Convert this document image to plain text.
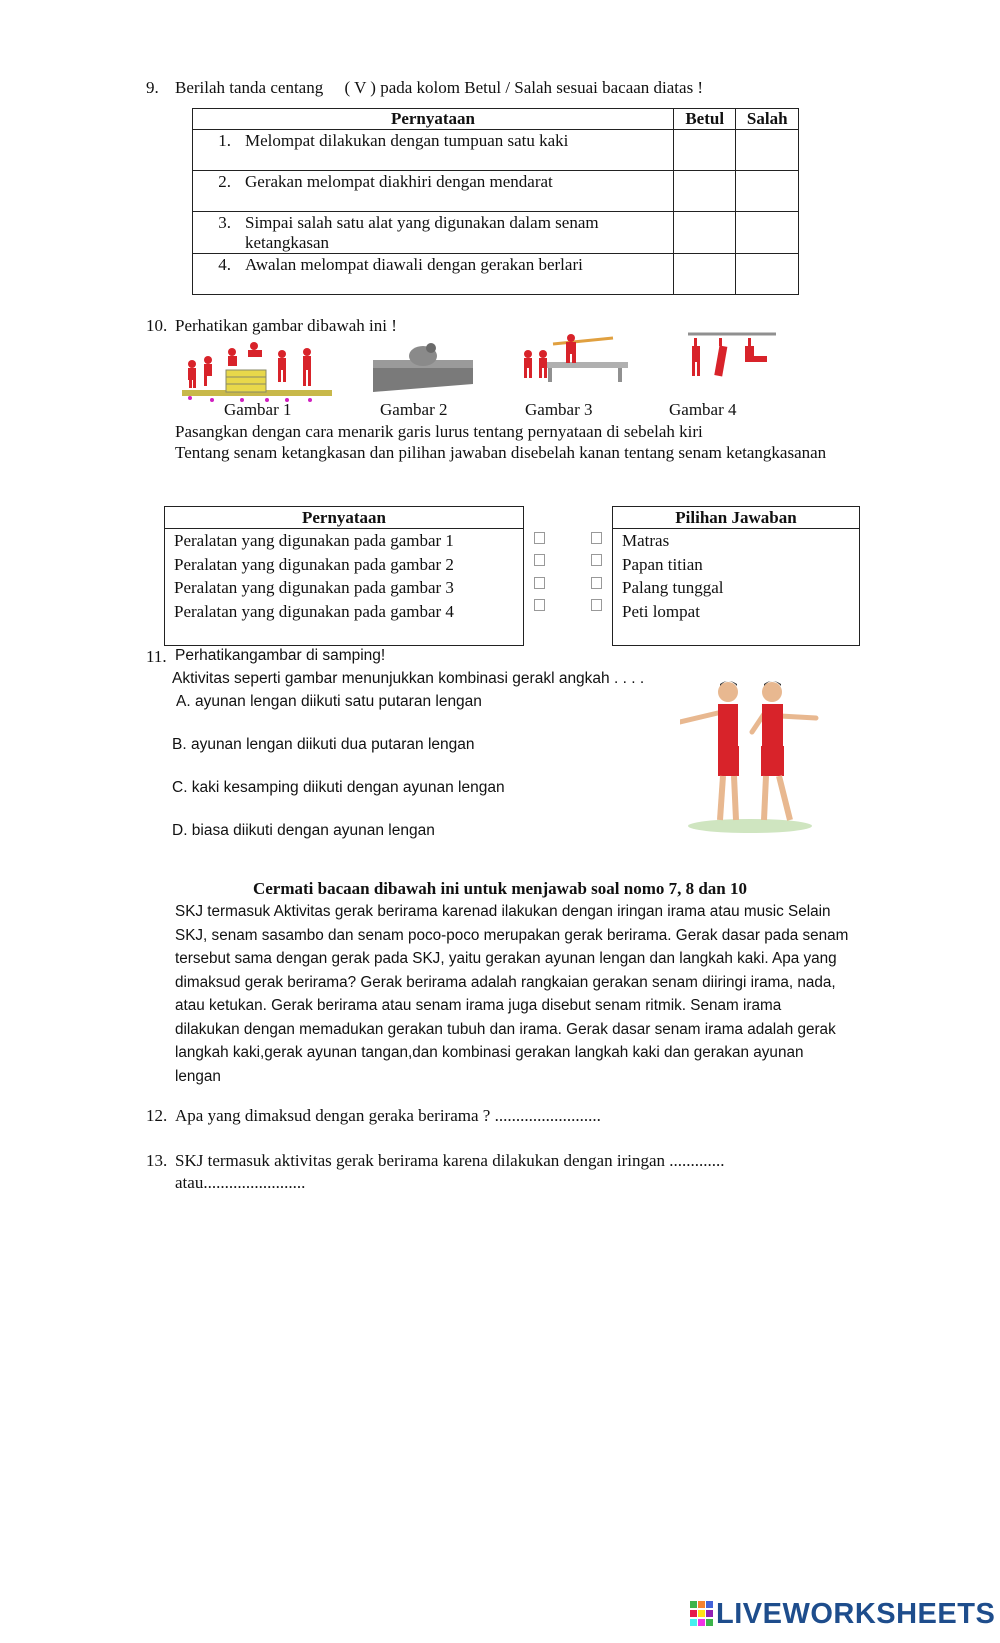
9. Berilah tanda centang     ( V ) pada kolom Betul / Salah sesuai bacaan diatas !
Pernyataan	Betul	Salah

1. Melompat dilakukan dengan tumpuan satu kaki		

2. Gerakan melompat diakhiri dengan mendarat		

3. Simpai salah satu alat yang digunakan dalam senam ketangkasan		

4. Awalan melompat diawali dengan gerakan berlari		

10. Perhatikan gambar dibawah ini !
Gambar 1	Gambar 2	Gambar 3	Gambar 4
Pasangkan dengan cara menarik garis lurus tentang pernyataan di sebelah kiri
Tentang senam ketangkasan dan pilihan jawaban disebelah kanan tentang senam ketangkasanan
Pernyataan
Peralatan yang digunakan pada gambar 1
Peralatan yang digunakan pada gambar 2
Peralatan yang digunakan pada gambar 3
Peralatan yang digunakan pada gambar 4
Pilihan Jawaban
Matras
Papan titian
Palang tunggal
Peti lompat
11. Perhatikangambar di samping!
Aktivitas seperti gambar menunjukkan kombinasi gerakl angkah . . . .
A. ayunan lengan diikuti satu putaran lengan
B. ayunan lengan diikuti dua putaran lengan
C. kaki kesamping diikuti dengan ayunan lengan
D. biasa diikuti dengan ayunan lengan
Cermati bacaan dibawah ini untuk menjawab soal nomo 7, 8 dan 10
SKJ termasuk Aktivitas gerak berirama karenad ilakukan dengan iringan irama atau music Selain
SKJ, senam sasambo dan senam poco-poco merupakan gerak berirama. Gerak dasar pada senam
tersebut sama dengan gerak pada SKJ, yaitu gerakan ayunan lengan dan langkah kaki. Apa yang
dimaksud gerak berirama? Gerak berirama adalah rangkaian gerakan senam diiringi irama, nada,
atau ketukan. Gerak berirama atau senam irama juga disebut senam ritmik. Senam irama
dilakukan dengan memadukan gerakan tubuh dan irama. Gerak dasar senam irama adalah gerak
langkah kaki,gerak ayunan tangan,dan kombinasi gerakan langkah kaki dan gerakan ayunan
lengan
12. Apa yang dimaksud dengan geraka berirama ? .........................
13. SKJ termasuk aktivitas gerak berirama karena dilakukan dengan iringan .............
atau........................
LIVEWORKSHEETS
